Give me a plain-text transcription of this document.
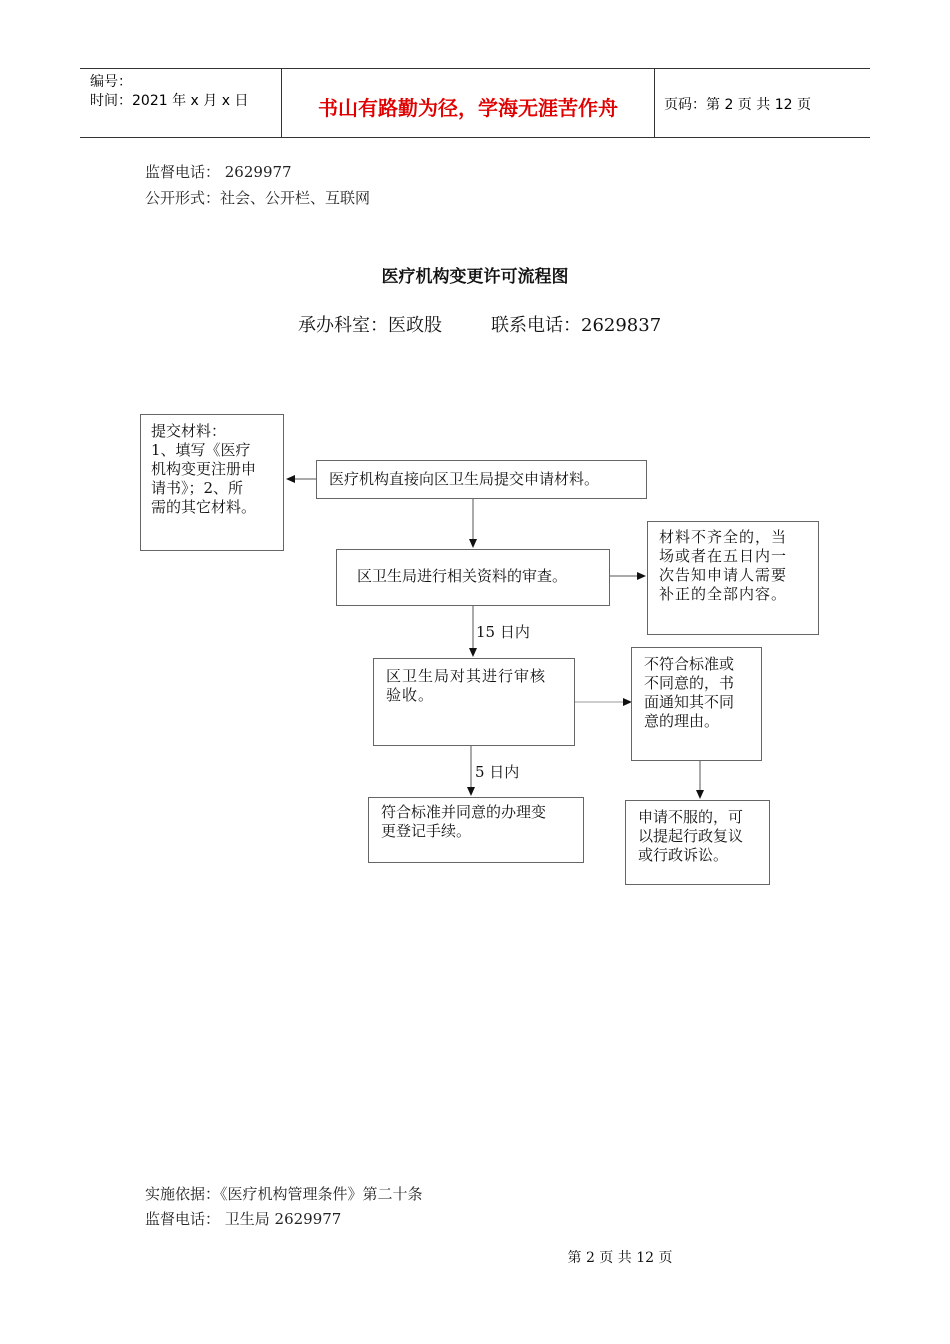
编号：
时间：2021 年 x 月 x 日	书山有路勤为径，学海无涯苦作舟	页码：第 2 页 共 12 页
监督电话： 2629977
公开形式：社会、公开栏、互联网
医疗机构变更许可流程图
承办科室：医政股	联系电话：2629837
提交材料：
1、填写《医疗
机构变更注册申
请书》；2、所
需的其它材料。
医疗机构直接向区卫生局提交申请材料。
区卫生局进行相关资料的审查。
材料不齐全的，当
场或者在五日内一
次告知申请人需要
补正的全部内容。
15 日内
区卫生局对其进行审核
验收。
不符合标准或
不同意的，书
面通知其不同
意的理由。
5 日内
符合标准并同意的办理变
更登记手续。
申请不服的，可
以提起行政复议
或行政诉讼。
实施依据：《医疗机构管理条件》第二十条
监督电话： 卫生局 2629977
第 2 页 共 12 页
